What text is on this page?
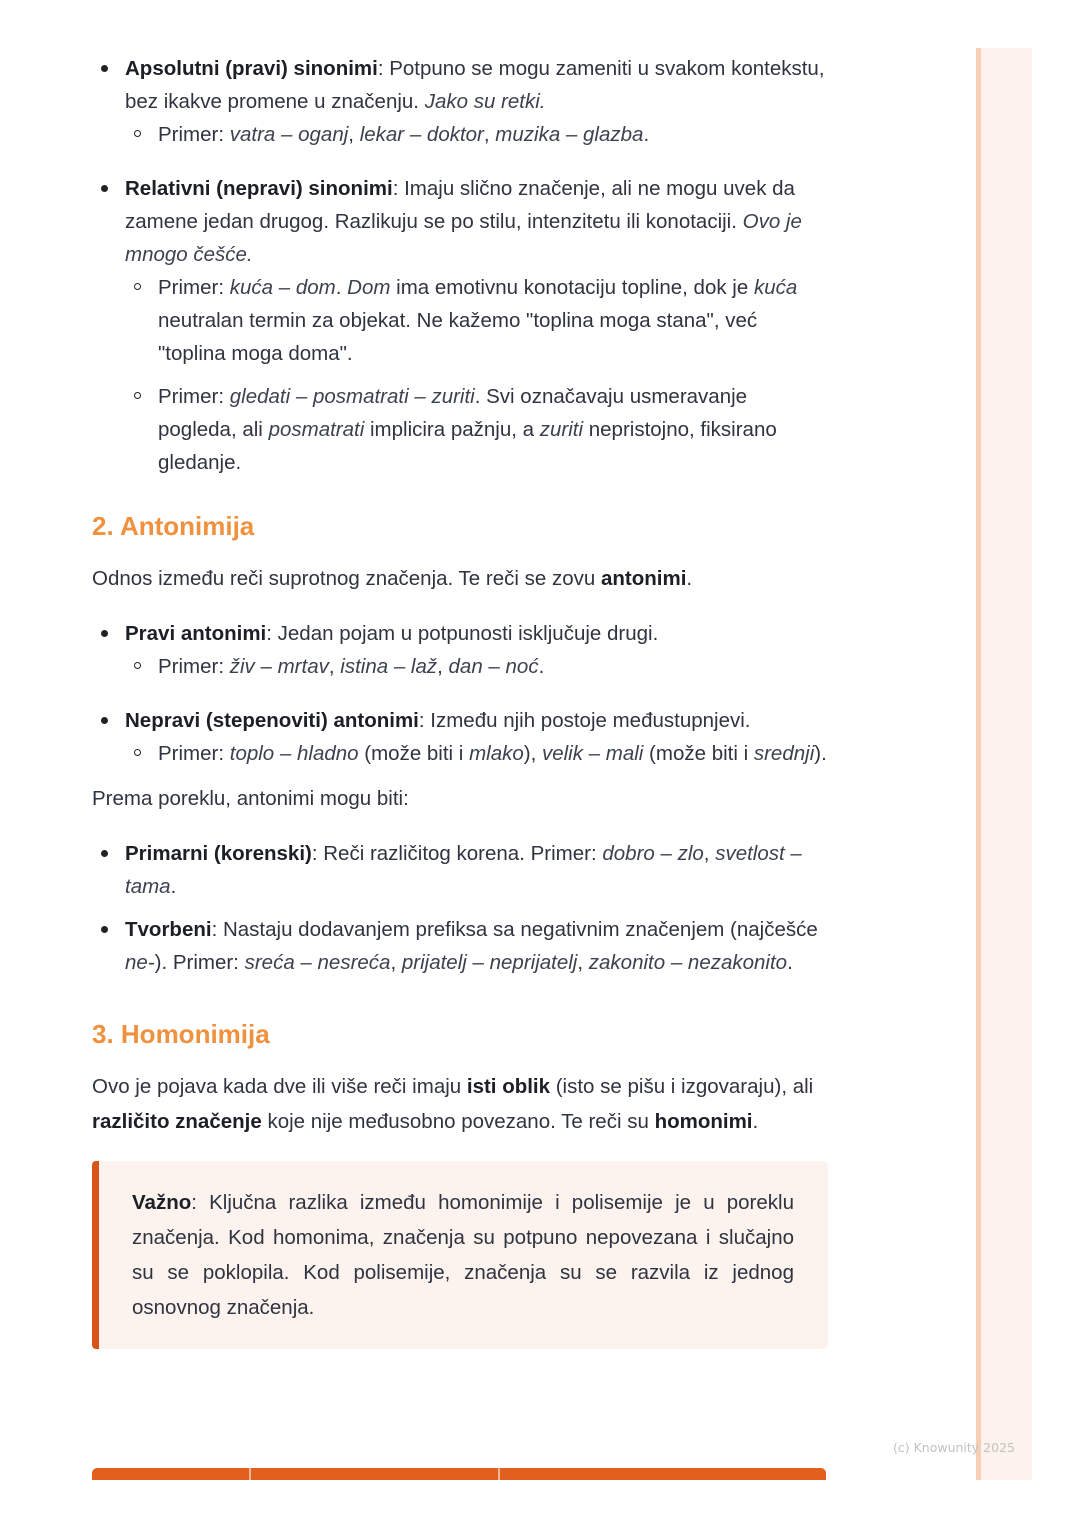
Apsolutni (pravi) sinonimi: Potpuno se mogu zameniti u svakom kontekstu, bez ikakve promene u značenju. Jako su retki.
Primer: vatra – oganj, lekar – doktor, muzika – glazba.
Relativni (nepravi) sinonimi: Imaju slično značenje, ali ne mogu uvek da zamene jedan drugog. Razlikuju se po stilu, intenzitetu ili konotaciji. Ovo je mnogo češće.
Primer: kuća – dom. Dom ima emotivnu konotaciju topline, dok je kuća neutralan termin za objekat. Ne kažemo "toplina moga stana", već "toplina moga doma".
Primer: gledati – posmatrati – zuriti. Svi označavaju usmeravanje pogleda, ali posmatrati implicira pažnju, a zuriti nepristojno, fiksirano gledanje.
2. Antonimija

Odnos između reči suprotnog značenja. Te reči se zovu antonimi.

Pravi antonimi: Jedan pojam u potpunosti isključuje drugi.
Primer: živ – mrtav, istina – laž, dan – noć.
Nepravi (stepenoviti) antonimi: Između njih postoje međustupnjevi.
Primer: toplo – hladno (može biti i mlako), velik – mali (može biti i srednji).

Prema poreklu, antonimi mogu biti:

Primarni (korenski): Reči različitog korena. Primer: dobro – zlo, svetlost – tama.
Tvorbeni: Nastaju dodavanjem prefiksa sa negativnim značenjem (najčešće ne-). Primer: sreća – nesreća, prijatelj – neprijatelj, zakonito – nezakonito.
3. Homonimija

Ovo je pojava kada dve ili više reči imaju isti oblik (isto se pišu i izgovaraju), ali različito značenje koje nije međusobno povezano. Te reči su homonimi.

Važno: Ključna razlika između homonimije i polisemije je u poreklu značenja. Kod homonima, značenja su potpuno nepovezana i slučajno su se poklopila. Kod polisemije, značenja su se razvila iz jednog osnovnog značenja.
(c) Knowunity 2025
